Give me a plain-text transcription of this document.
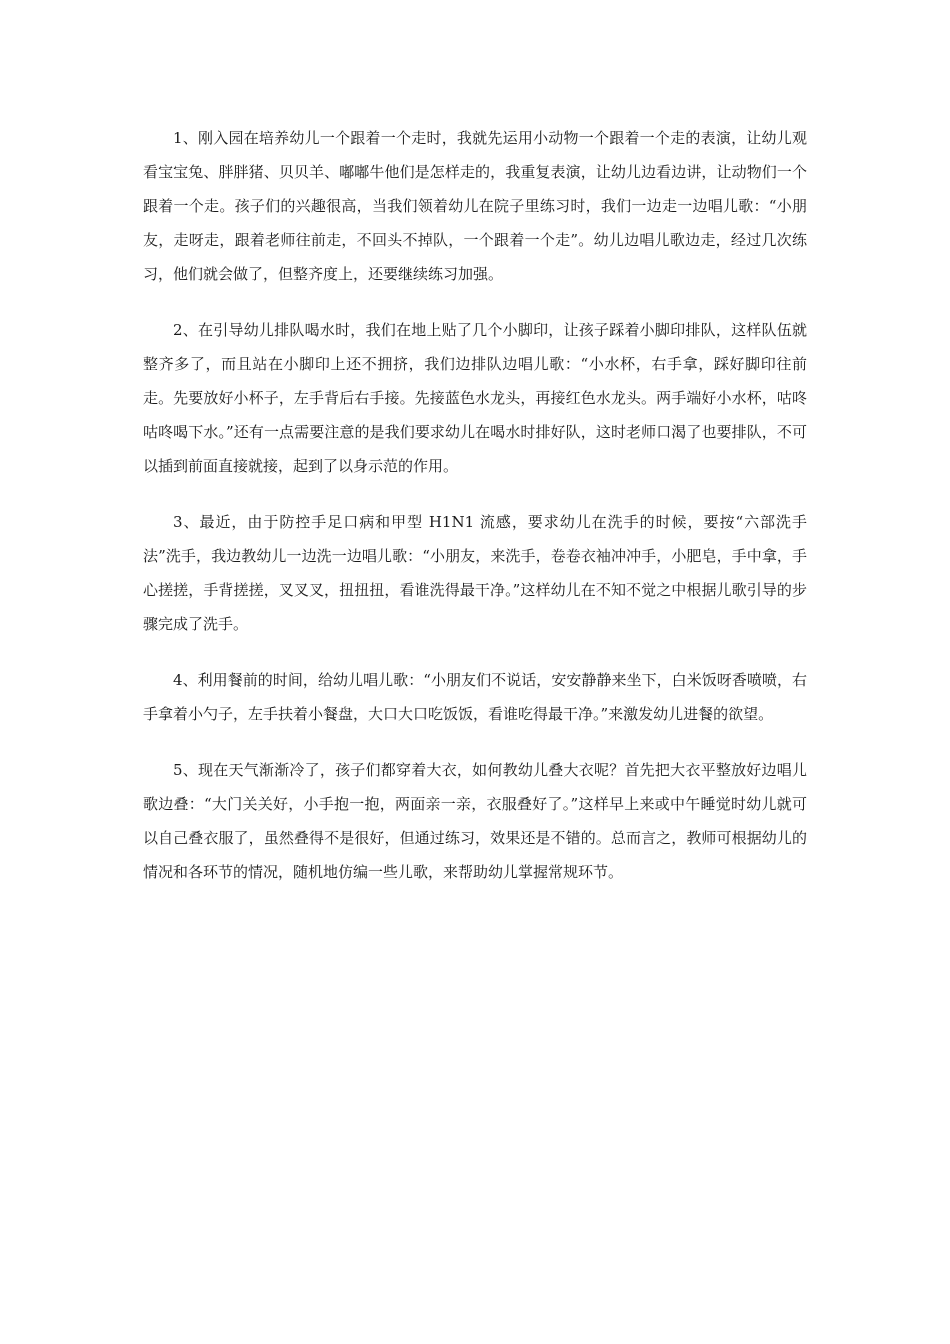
1、刚入园在培养幼儿一个跟着一个走时，我就先运用小动物一个跟着一个走的表演，让幼儿观看宝宝兔、胖胖猪、贝贝羊、嘟嘟牛他们是怎样走的，我重复表演，让幼儿边看边讲，让动物们一个跟着一个走。孩子们的兴趣很高，当我们领着幼儿在院子里练习时，我们一边走一边唱儿歌：“小朋友，走呀走，跟着老师往前走，不回头不掉队，一个跟着一个走”。幼儿边唱儿歌边走，经过几次练习，他们就会做了，但整齐度上，还要继续练习加强。

2、在引导幼儿排队喝水时，我们在地上贴了几个小脚印，让孩子踩着小脚印排队，这样队伍就整齐多了，而且站在小脚印上还不拥挤，我们边排队边唱儿歌：“小水杯，右手拿，踩好脚印往前走。先要放好小杯子，左手背后右手接。先接蓝色水龙头，再接红色水龙头。两手端好小水杯，咕咚咕咚喝下水。”还有一点需要注意的是我们要求幼儿在喝水时排好队，这时老师口渴了也要排队，不可以插到前面直接就接，起到了以身示范的作用。

3、最近，由于防控手足口病和甲型 H1N1 流感，要求幼儿在洗手的时候，要按“六部洗手法”洗手，我边教幼儿一边洗一边唱儿歌：“小朋友，来洗手，卷卷衣袖冲冲手，小肥皂，手中拿，手心搓搓，手背搓搓，叉叉叉，扭扭扭，看谁洗得最干净。”这样幼儿在不知不觉之中根据儿歌引导的步骤完成了洗手。

4、利用餐前的时间，给幼儿唱儿歌：“小朋友们不说话，安安静静来坐下，白米饭呀香喷喷，右手拿着小勺子，左手扶着小餐盘，大口大口吃饭饭，看谁吃得最干净。”来激发幼儿进餐的欲望。

5、现在天气渐渐冷了，孩子们都穿着大衣，如何教幼儿叠大衣呢？首先把大衣平整放好边唱儿歌边叠：“大门关关好，小手抱一抱，两面亲一亲，衣服叠好了。”这样早上来或中午睡觉时幼儿就可以自己叠衣服了，虽然叠得不是很好，但通过练习，效果还是不错的。总而言之，教师可根据幼儿的情况和各环节的情况，随机地仿编一些儿歌，来帮助幼儿掌握常规环节。
